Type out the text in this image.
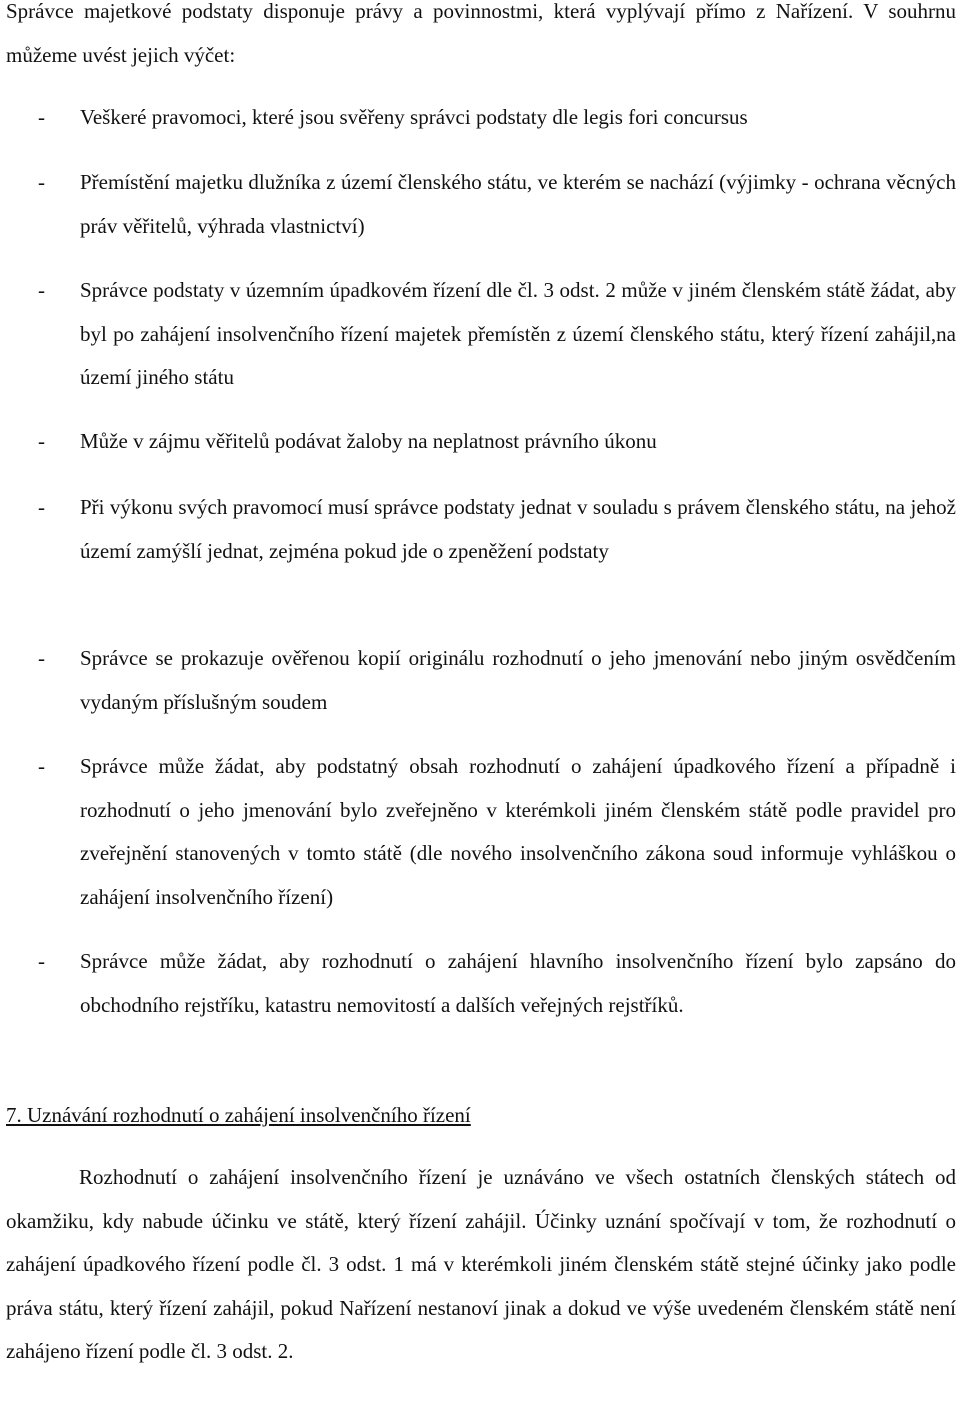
Správce majetkové podstaty disponuje právy a povinnostmi, která vyplývají přímo z Nařízení. V souhrnu můžeme uvést jejich výčet:
-	Veškeré pravomoci, které jsou svěřeny správci podstaty dle legis fori concursus
-	Přemístění majetku dlužníka z území členského státu, ve kterém se nachází (výjimky - ochrana věcných práv věřitelů, výhrada vlastnictví)
-	Správce podstaty v územním úpadkovém řízení dle čl. 3 odst. 2 může v jiném členském státě žádat, aby byl po zahájení insolvenčního řízení majetek přemístěn z území členského státu, který řízení zahájil,na území jiného státu
-	Může v zájmu věřitelů podávat žaloby na neplatnost právního úkonu
-	Při výkonu svých pravomocí musí správce podstaty jednat v souladu s právem členského státu, na jehož území zamýšlí jednat, zejména pokud jde o zpeněžení podstaty
-	Správce se prokazuje ověřenou kopií originálu rozhodnutí o jeho jmenování nebo jiným osvědčením vydaným příslušným soudem
-	Správce může žádat, aby podstatný obsah rozhodnutí o zahájení úpadkového řízení a případně i rozhodnutí o jeho jmenování bylo zveřejněno v kterémkoli jiném členském státě podle pravidel pro zveřejnění stanovených v tomto státě (dle nového insolvenčního zákona soud informuje vyhláškou o zahájení insolvenčního řízení)
-	Správce může žádat, aby rozhodnutí o zahájení hlavního insolvenčního řízení bylo zapsáno do obchodního rejstříku, katastru nemovitostí a dalších veřejných rejstříků.
7. Uznávání rozhodnutí o zahájení insolvenčního řízení
Rozhodnutí o zahájení insolvenčního řízení je uznáváno ve všech ostatních členských státech od okamžiku, kdy nabude účinku ve státě, který řízení zahájil. Účinky uznání spočívají v tom, že rozhodnutí o zahájení úpadkového řízení podle čl. 3 odst. 1 má v kterémkoli jiném členském státě stejné účinky jako podle práva státu, který řízení zahájil, pokud Nařízení nestanoví jinak a dokud ve výše uvedeném členském státě není zahájeno řízení podle čl. 3 odst. 2.
